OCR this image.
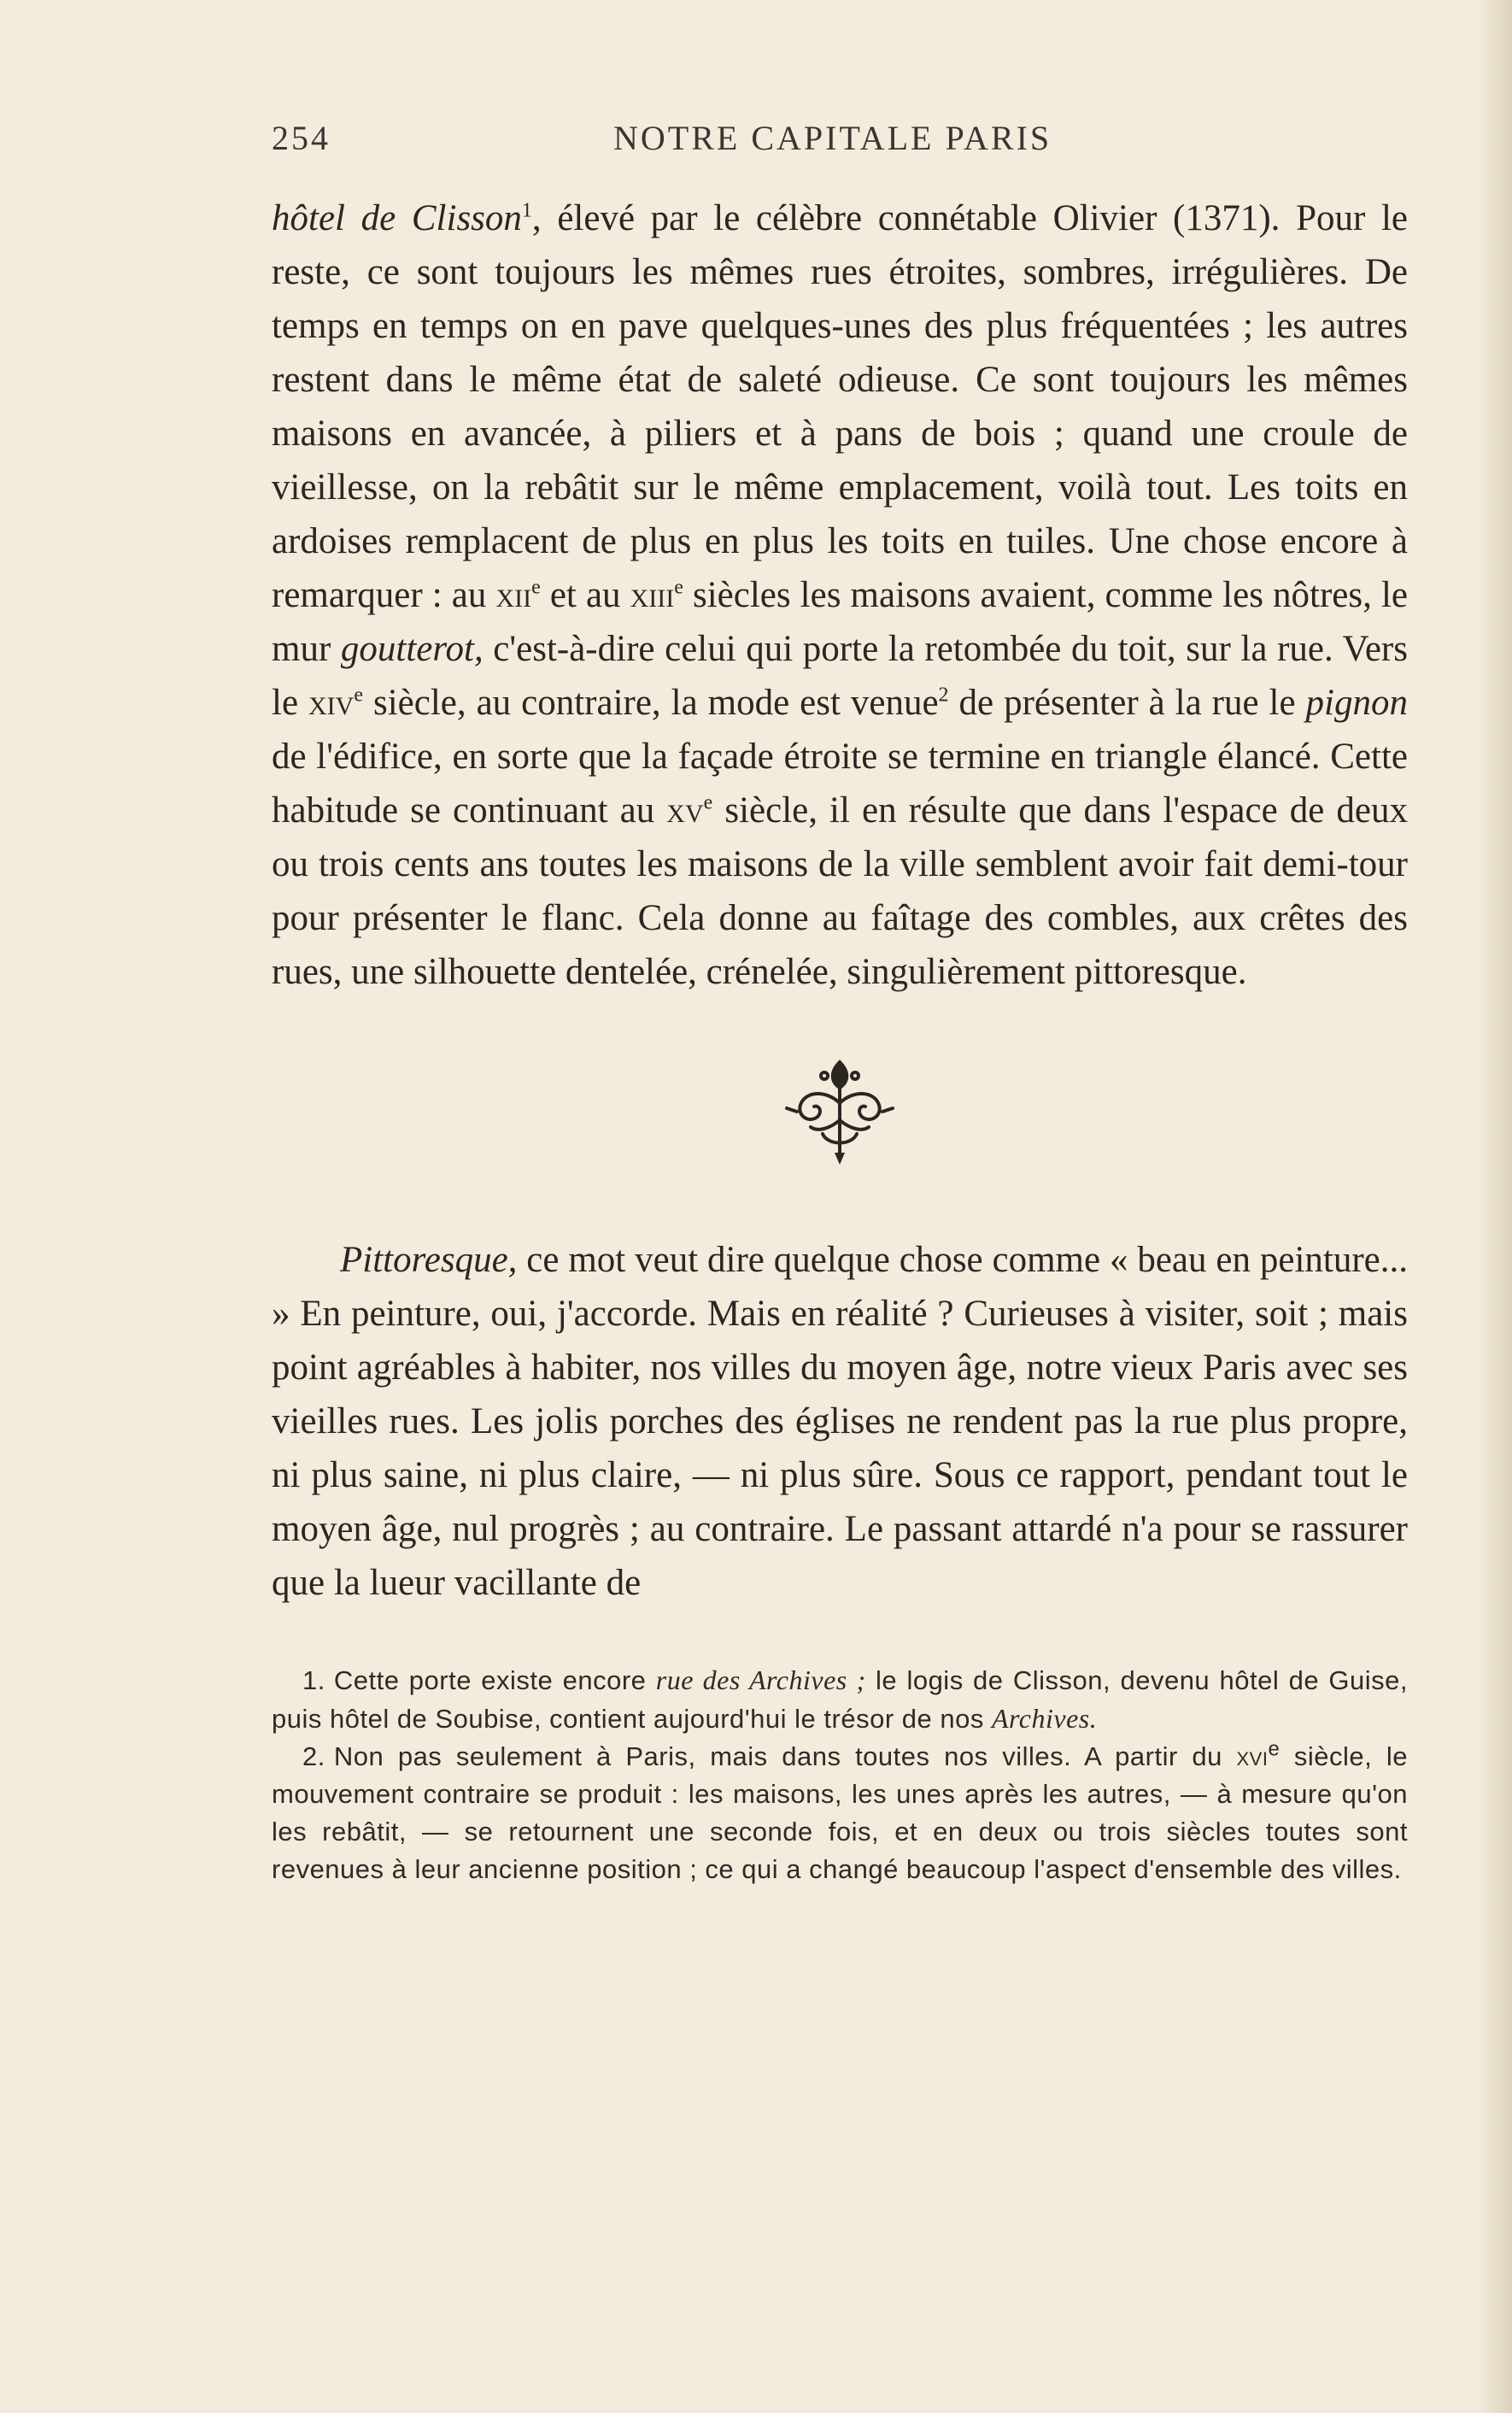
254	NOTRE CAPITALE PARIS

hôtel de Clisson$^1$, élevé par le célèbre connétable Olivier (1371). Pour le reste, ce sont toujours les mêmes rues étroites, sombres, irrégulières. De temps en temps on en pave quelques-unes des plus fréquentées ; les autres restent dans le même état de saleté odieuse. Ce sont toujours les mêmes maisons en avancée, à piliers et à pans de bois ; quand une croule de vieillesse, on la rebâtit sur le même emplacement, voilà tout. Les toits en ardoises remplacent de plus en plus les toits en tuiles. Une chose encore à remarquer : au xii$^e$ et au xiii$^e$ siècles les maisons avaient, comme les nôtres, le mur goutterot, c'est-à-dire celui qui porte la retombée du toit, sur la rue. Vers le xiv$^e$ siècle, au contraire, la mode est venue$^2$ de présenter à la rue le pignon de l'édifice, en sorte que la façade étroite se termine en triangle élancé. Cette habitude se continuant au $xv^e$ siècle, il en résulte que dans l'espace de deux ou trois cents ans toutes les maisons de la ville semblent avoir fait demi-tour pour présenter le flanc. Cela donne au faîtage des combles, aux crêtes des rues, une silhouette dentelée, crénelée, singulièrement pittoresque.

Pittoresque, ce mot veut dire quelque chose comme « beau en peinture... » En peinture, oui, j'accorde. Mais en réalité ? Curieuses à visiter, soit ; mais point agréables à habiter, nos villes du moyen âge, notre vieux Paris avec ses vieilles rues. Les jolis porches des églises ne rendent pas la rue plus propre, ni plus saine, ni plus claire, — ni plus sûre. Sous ce rapport, pendant tout le moyen âge, nul progrès ; au contraire. Le passant attardé n'a pour se rassurer que la lueur vacillante de

1. Cette porte existe encore rue des Archives ; le logis de Clisson, devenu hôtel de Guise, puis hôtel de Soubise, contient aujourd'hui le trésor de nos Archives.

2. Non pas seulement à Paris, mais dans toutes nos villes. A partir du xvi$^e$ siècle, le mouvement contraire se produit : les maisons, les unes après les autres, — à mesure qu'on les rebâtit, — se retournent une seconde fois, et en deux ou trois siècles toutes sont revenues à leur ancienne position ; ce qui a changé beaucoup l'aspect d'ensemble des villes.
